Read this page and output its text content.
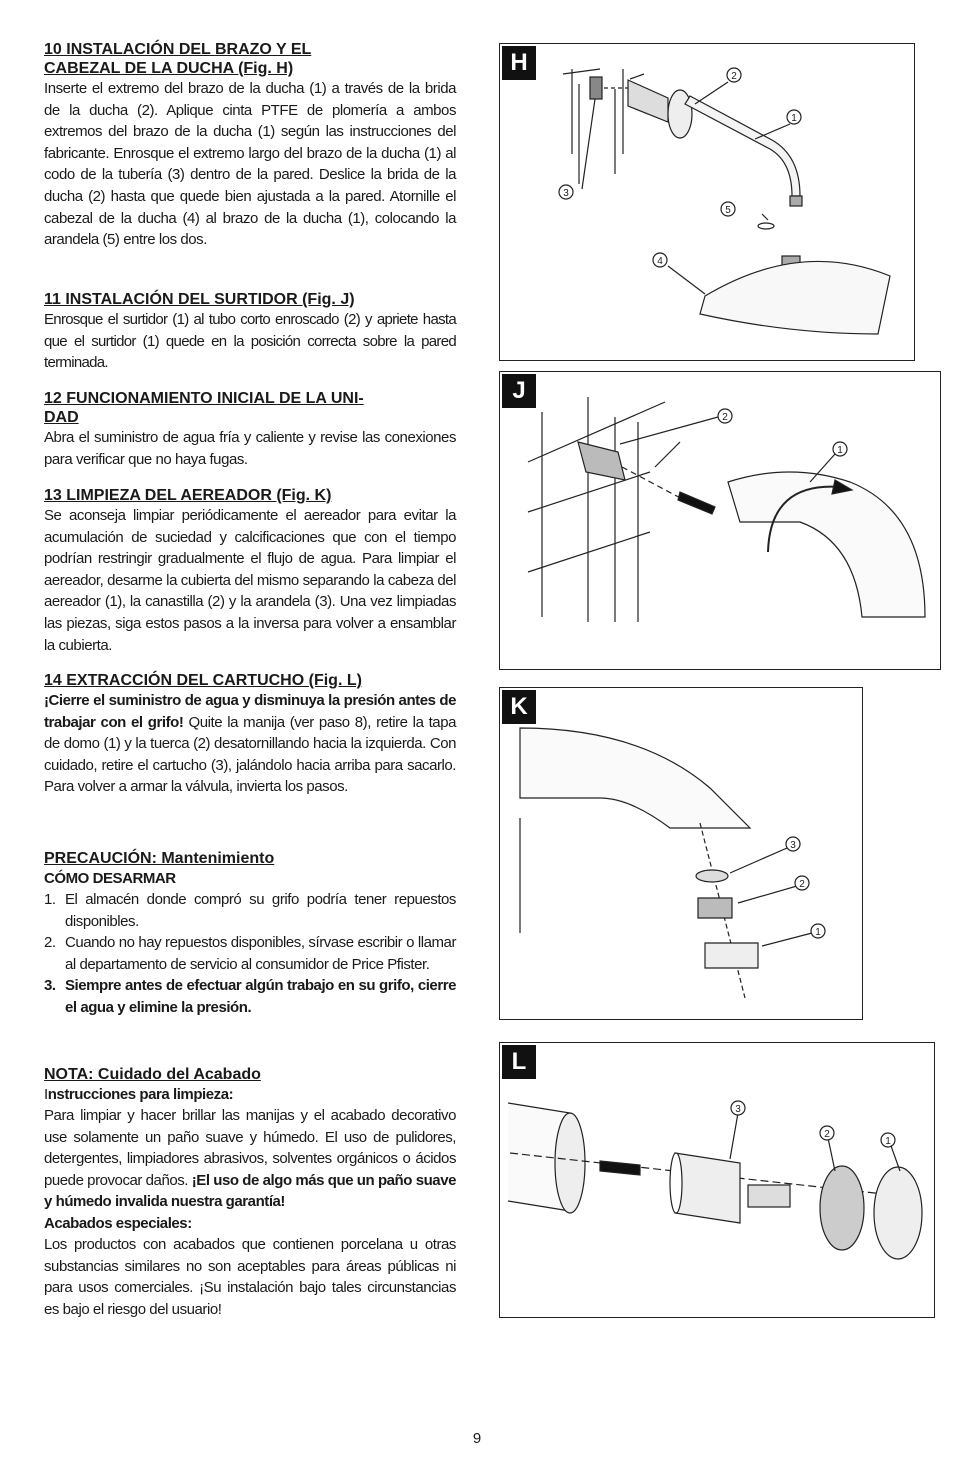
10 INSTALACIÓN DEL BRAZO Y EL
CABEZAL DE LA DUCHA (Fig. H)

Inserte el extremo del brazo de la ducha (1) a través de la brida de la ducha (2). Aplique cinta PTFE de plomería a ambos extremos del brazo de la ducha (1) según las instrucciones del fabricante. Enrosque el extremo largo del brazo de la ducha (1) al codo de la tubería (3) dentro de la pared. Deslice la brida de la ducha (2) hasta que quede bien ajustada a la pared. Atornille el cabezal de la ducha (4) al brazo de la ducha (1), colocando la arandela (5) entre los dos.

11 INSTALACIÓN DEL SURTIDOR (Fig. J)

Enrosque el surtidor (1) al tubo corto enroscado (2) y apriete hasta que el surtidor (1) quede en la posición correcta sobre la pared terminada.

12 FUNCIONAMIENTO INICIAL DE LA UNI-
DAD

Abra el suministro de agua fría y caliente y revise las conexiones para verificar que no haya fugas.

13 LIMPIEZA DEL AEREADOR (Fig. K)

Se aconseja limpiar periódicamente el aereador para evitar la acumulación de suciedad y calcificaciones que con el tiempo podrían restringir gradualmente el flujo de agua. Para limpiar el aereador, desarme la cubierta del mismo separando la cabeza del aereador (1), la canastilla (2) y la arandela (3). Una vez limpiadas las piezas, siga estos pasos a la inversa para volver a ensamblar la cubierta.

14 EXTRACCIÓN DEL CARTUCHO (Fig. L)

¡Cierre el suministro de agua y disminuya la presión antes de trabajar con el grifo! Quite la manija (ver paso 8), retire la tapa de domo (1) y la tuerca (2) desatornillando hacia la izquierda. Con cuidado, retire el cartucho (3), jalándolo hacia arriba para sacarlo. Para volver a armar la válvula, invierta los pasos.

PRECAUCIÓN: Mantenimiento

CÓMO DESARMAR

1. El almacén donde compró su grifo podría tener repuestos disponibles.
2. Cuando no hay repuestos disponibles, sírvase escribir o llamar al departamento de servicio al consumidor de Price Pfister.
3. Siempre antes de efectuar algún trabajo en su grifo, cierre el agua y elimine la presión.

NOTA: Cuidado del Acabado

Instrucciones para limpieza:

Para limpiar y hacer brillar las manijas y el acabado decorativo use solamente un paño suave y húmedo. El uso de pulidores, detergentes, limpiadores abrasivos, solventes orgánicos o ácidos puede provocar daños. ¡El uso de algo más que un paño suave y húmedo invalida nuestra garantía!

Acabados especiales:

Los productos con acabados que contienen porcelana u otras substancias similares no son aceptables para áreas públicas ni para usos comerciales. ¡Su instalación bajo tales circunstancias es bajo el riesgo del usuario!

H
2
1
3
5
4
J
2
1
K
3
2
1
L
3
2
1
9
